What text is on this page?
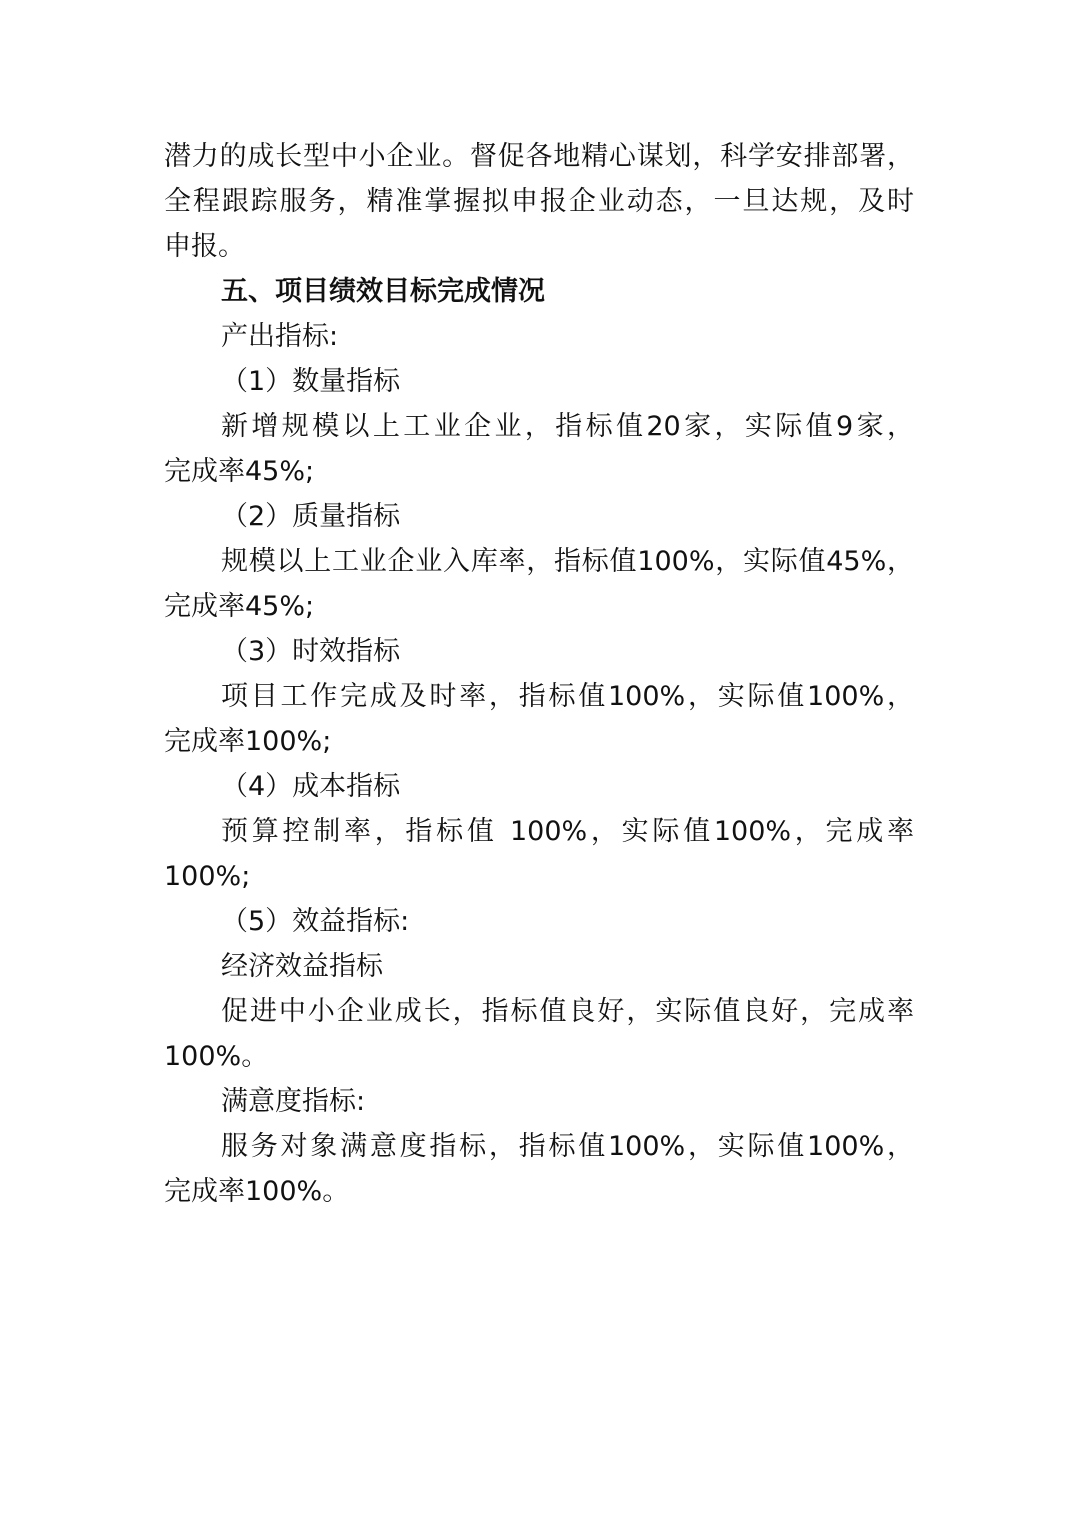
潜力的成长型中小企业。督促各地精心谋划，科学安排部署，

全程跟踪服务，精准掌握拟申报企业动态，一旦达规，及时

申报。

五、项目绩效目标完成情况

产出指标:

（1）数量指标

新增规模以上工业企业，指标值20家，实际值9家，

完成率45%;

（2）质量指标

规模以上工业企业入库率，指标值100%，实际值45%，

完成率45%;

（3）时效指标

项目工作完成及时率，指标值100%，实际值100%，

完成率100%;

（4）成本指标

预算控制率，指标值 100%，实际值100%，完成率

100%;

（5）效益指标:

经济效益指标

促进中小企业成长，指标值良好，实际值良好，完成率

100%。

满意度指标:

服务对象满意度指标，指标值100%，实际值100%，

完成率100%。
